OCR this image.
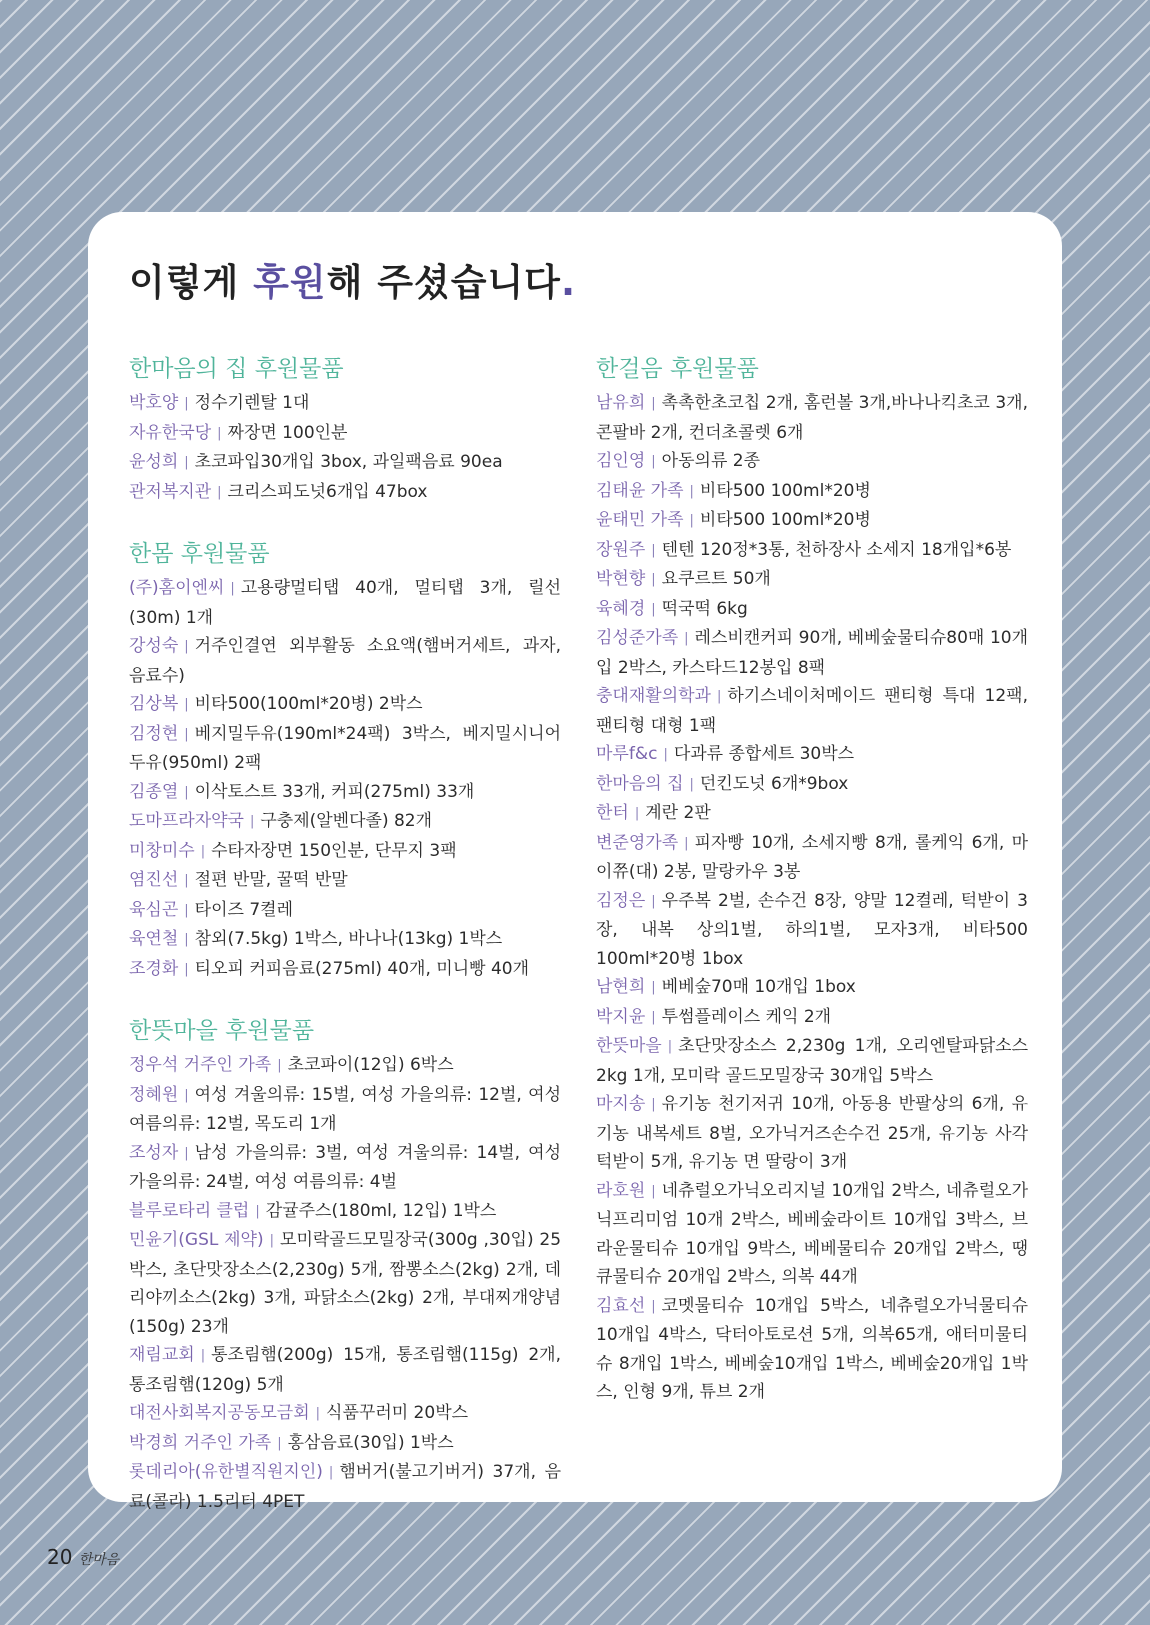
이렇게 후원해 주셨습니다.
한마음의 집 후원물품

박호양 | 정수기렌탈 1대

자유한국당 | 짜장면 100인분

윤성희 | 초코파입30개입 3box, 과일팩음료 90ea

관저복지관 | 크리스피도넛6개입 47box

한몸 후원물품

(주)홈이엔씨 | 고용량멀티탭 40개, 멀티탭 3개, 릴선(30m) 1개

강성숙 | 거주인결연 외부활동 소요액(햄버거세트, 과자, 음료수)

김상복 | 비타500(100ml*20병) 2박스

김정현 | 베지밀두유(190ml*24팩) 3박스, 베지밀시니어두유(950ml) 2팩

김종열 | 이삭토스트 33개, 커피(275ml) 33개

도마프라자약국 | 구충제(알벤다졸) 82개

미창미수 | 수타자장면 150인분, 단무지 3팩

염진선 | 절편 반말, 꿀떡 반말

육심곤 | 타이즈 7켤레

육연철 | 참외(7.5kg) 1박스, 바나나(13kg) 1박스

조경화 | 티오피 커피음료(275ml) 40개, 미니빵 40개

한뜻마을 후원물품

정우석 거주인 가족 | 초코파이(12입) 6박스

정혜원 | 여성 겨울의류: 15벌, 여성 가을의류: 12벌, 여성 여름의류: 12벌, 목도리 1개

조성자 | 남성 가을의류: 3벌, 여성 겨울의류: 14벌, 여성 가을의류: 24벌, 여성 여름의류: 4벌

블루로타리 클럽 | 감귤주스(180ml, 12입) 1박스

민윤기(GSL 제약) | 모미락골드모밀장국(300g ,30입) 25박스, 초단맛장소스(2,230g) 5개, 짬뽕소스(2kg) 2개, 데리야끼소스(2kg) 3개, 파닭소스(2kg) 2개, 부대찌개양념(150g) 23개

재림교회 | 통조림햄(200g) 15개, 통조림햄(115g) 2개, 통조림햄(120g) 5개

대전사회복지공동모금회 | 식품꾸러미 20박스

박경희 거주인 가족 | 홍삼음료(30입) 1박스

롯데리아(유한별직원지인) | 햄버거(불고기버거) 37개, 음료(콜라) 1.5리터 4PET

한걸음 후원물품

남유희 | 촉촉한초코칩 2개, 홈런볼 3개,바나나킥초코 3개, 콘팔바 2개, 컨더초콜렛 6개

김인영 | 아동의류 2종

김태윤 가족 | 비타500 100ml*20병

윤태민 가족 | 비타500 100ml*20병

장원주 | 텐텐 120정*3통, 천하장사 소세지 18개입*6봉

박현향 | 요쿠르트 50개

육혜경 | 떡국떡 6kg

김성준가족 | 레스비캔커피 90개, 베베숲물티슈80매 10개입 2박스, 카스타드12봉입 8팩

충대재활의학과 | 하기스네이처메이드 팬티형 특대 12팩, 팬티형 대형 1팩

마루f&c | 다과류 종합세트 30박스

한마음의 집 | 던킨도넛 6개*9box

한터 | 계란 2판

변준영가족 | 피자빵 10개, 소세지빵 8개, 롤케익 6개, 마이쮸(대) 2봉, 말랑카우 3봉

김정은 | 우주복 2벌, 손수건 8장, 양말 12켤레, 턱받이 3장, 내복 상의1벌, 하의1벌, 모자3개, 비타500 100ml*20병 1box

남현희 | 베베숲70매 10개입 1box

박지윤 | 투썸플레이스 케익 2개

한뜻마을 | 초단맛장소스 2,230g 1개, 오리엔탈파닭소스 2kg 1개, 모미락 골드모밀장국 30개입 5박스

마지송 | 유기농 천기저귀 10개, 아동용 반팔상의 6개, 유기농 내복세트 8벌, 오가닉거즈손수건 25개, 유기농 사각턱받이 5개, 유기농 면 딸랑이 3개

라호원 | 네츄럴오가닉오리지널 10개입 2박스, 네츄럴오가닉프리미엄 10개 2박스, 베베숲라이트 10개입 3박스, 브라운물티슈 10개입 9박스, 베베물티슈 20개입 2박스, 땡큐물티슈 20개입 2박스, 의복 44개

김효선 | 코멧물티슈 10개입 5박스, 네츄럴오가닉물티슈 10개입 4박스, 닥터아토로션 5개, 의복65개, 애터미물티슈 8개입 1박스, 베베숲10개입 1박스, 베베숲20개입 1박스, 인형 9개, 튜브 2개

20 한마음
